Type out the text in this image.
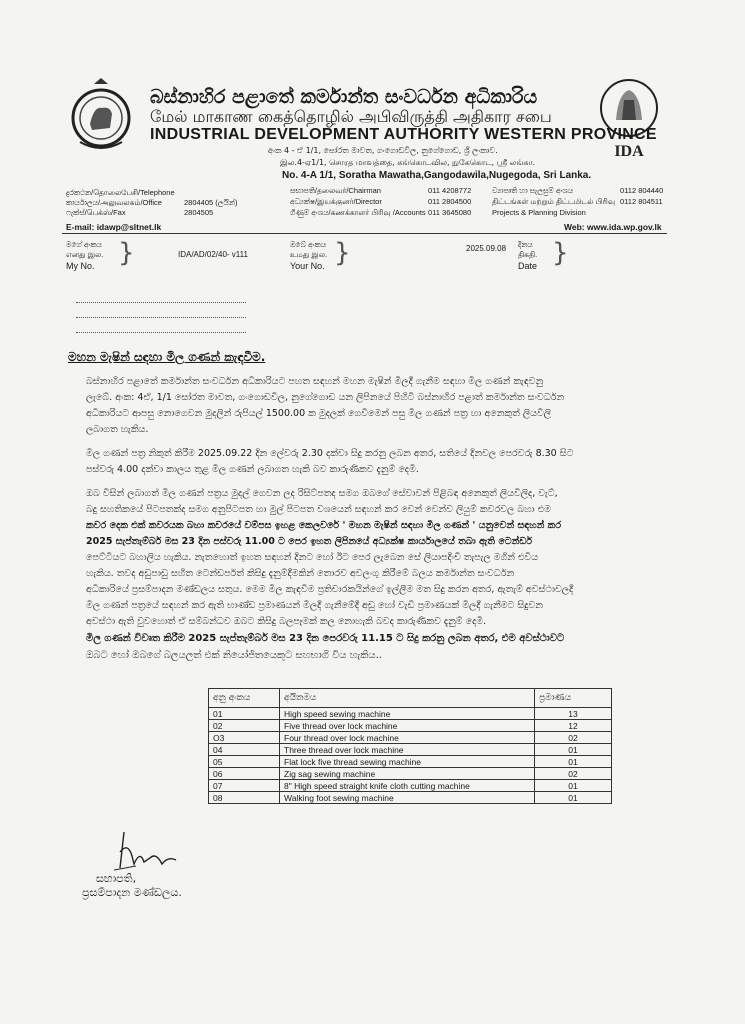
IDA
බස්නාහිර පළාතේ කර්මාන්ත සංවර්ධන අධිකාරිය
மேல் மாகாண கைத்தொழில் அபிவிருத்தி அதிகார சபை
INDUSTRIAL DEVELOPMENT AUTHORITY WESTERN PROVINCE
අංක 4 - ඒ 1/1, සෝරත මාවත, ගංගොඩවිල, නුගේගොඩ, ශ්‍රී ලංකාව.
இல.4-ஏ1/1, சொரத மாவத்தை, கங்கொடவில, நுகேகொட, ஸ்ரீ லங்கா.
No. 4-A 1/1, Soratha Mawatha,Gangodawila,Nugegoda, Sri Lanka.
දුරකථන/தொலைபேசி/Telephone
කාර්යාලය/அலுவலகம்/Office	2804405 (ලයින්)
ෆැක්ස්/பெக்ஸ்/Fax	2804505
E-mail: idawp@sltnet.lk
සභාපති/தலைவர்/Chairman	011 4208772
අධ්‍යක්ෂ/இயக்குனர்/Director	011 2804500
ගිණුම් අංශය/கணக்காளர் பிரிவு /Accounts 011 3645080
ව්‍යාපෘති හා සැලසුම් අංශය
திட்டங்கள் மற்றும் திட்டமிடல் பிரிவு
Projects & Planning Division
0112 804440
0112 804511
Web: www.ida.wp.gov.lk
මගේ අංකය
எனது இல.
My No. }	IDA/AD/02/40- v111
ඔබේ අංකය
உமது இல.
Your No. }	2025.09.08 දිනය
திகதி.
Date }
මහන මැෂින් සඳහා මිල ගණන් කැඳවීම.
බස්නාහිර පළාතේ කර්මාන්ත සංවර්ධන අධිකාරියට පහත සඳහන් මහන මැෂින් මිලදී ගැනීම සඳහා මිල ගණන් කැඳවනු
ලැබේ. අංක: 4ඒ, 1/1 සෝරත මාවත, ගංගොඩවිල, නුගේගොඩ යන ලිපිනයේ පිහිටි බස්නාහිර පළාත් කර්මාන්ත සංවර්ධන
අධිකාරියට ආපසු නොගෙවන මුදලින් රුපියල් 1500.00 ක මුදලක් ගෙවීමෙන් පසු මිල ගණන් පත්‍ර හා අනෙකුත් ලියවිලි
ලබාගත හැකිය.
මිල ගණන් පත්‍ර නිකුත් කිරීම 2025.09.22 දින ලේවරු 2.30 දක්වා සිදු කරනු ලබන අතර, සතියේ දිනවල පෙරවරු 8.30 සිට
පස්වරු 4.00 දක්වා කාලය තුළ මිල ගණන් ලබාගත හැකි බව කාරුණිකව දැනුම් දෙමි.
ඔබ විසින් ලබාගත් මිල ගණන් පත්‍රය මුදල් ගෙවන ලද රිසිට්පතද සමග ඔබගේ සේවාවන් පිළිබඳ අනෙකුත් ලියවිලිද, වැට්,
බදු සහතිකයේ පිටපතක්ද සමග අනුපිටපත හා මුල් පිටපත වශයෙන් සඳහන් කර වෙන් වෙන්ව ලියුම් කවරවල බහා එම
කවර දෙක එක් කවරයක බහා කවරයේ වම්පස ඉහළ කෙලවරේ ' මහන මැෂින් සඳහා මිල ගණන් ' යනුවෙන් සඳහන් කර
2025 සැප්තැම්බර් මස 23 දින පස්වරු 11.00 ට පෙර ඉහත ලිපිනයේ අධ්‍යක්ෂ කාර්යාලයේ තබා ඇති ටෙන්ඩර්
පෙට්ටියට බහාලිය හැකිය. නැතහොත් ඉහත සඳහන් දිනට හෝ ඊට පෙර ලැබෙන සේ ලියාපදිංචි තැපැල මගින් එවිය
හැකිය. තවද අඩුපාඩු සහිත ටෙන්ඩර්පත් කිසිදු දැනුම්දීමකින් තොරව අවලංගු කිරීමේ බලය කර්මාන්ත සංවර්ධන
අධිකාරියේ ප්‍රසම්පාදන මණ්ඩලය සතුය. මෙම මිල කැඳවීම ප්‍රතිචාරකයින්ගේ ඉල්ලීම මත සිදු කරන අතර, ඇතැම් අවස්ථාවලදී
මිල ගණන් පත්‍රයේ සඳහන් කර ඇති භාණ්ඩ ප්‍රමාණයන් මිලදී ගැනීමේදී අඩු හෝ වැඩි ප්‍රමාණයක් මිලදී ගැනීමට සිදුවන
අවස්ථා ඇති වුවහොත් ඒ සම්බන්ධව ඔබට කිසිදු බලපෑමක් කල නොහැකි බවද කාරුණිකව දැනුම් දෙමි.
මිල ගණන් විවෘත කිරීම 2025 සැප්තැම්බර් මස 23 දින පෙරවරු 11.15 ට සිදු කරනු ලබන අතර, එම අවස්ථාවට
ඔබට හෝ ඔබගේ බලයලත් එක් නියෝජිතයෙකුට සහභාගි විය හැකිය..
අනු අංකය	අයිතමය	ප්‍රමාණය
01	High speed sewing machine	13
02	Five thread over lock machine	12
O3	Four thread over lock machine	02
04	Three thread over lock machine	01
05	Flat lock five thread sewing machine	01
06	Zig sag sewing machine	02
07	8" High speed straight knife cloth cutting machine	01
08	Walking foot sewing machine	01
සභාපති,
ප්‍රසම්පාදන මණ්ඩලය.
